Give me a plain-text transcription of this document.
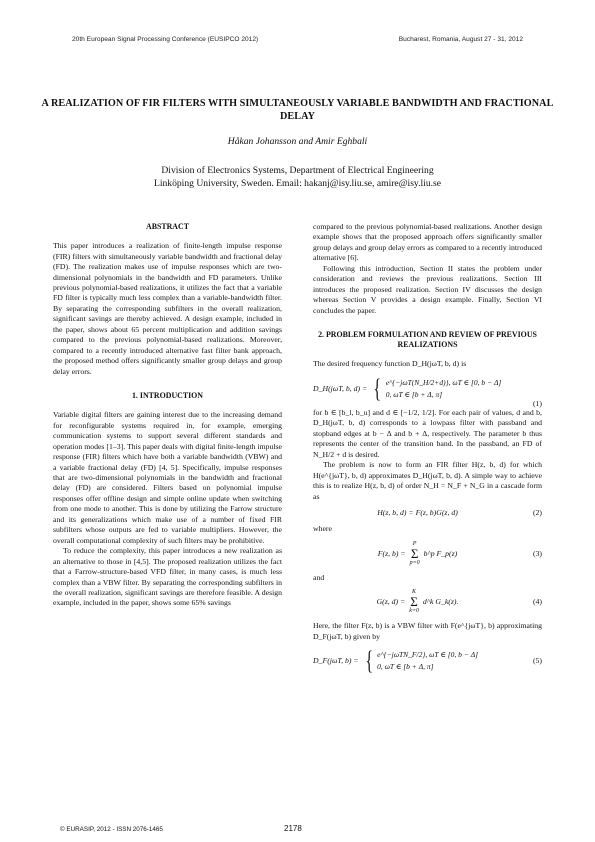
20th European Signal Processing Conference (EUSIPCO 2012)	Bucharest, Romania, August 27 - 31, 2012
A REALIZATION OF FIR FILTERS WITH SIMULTANEOUSLY VARIABLE BANDWIDTH AND FRACTIONAL DELAY
Håkan Johansson and Amir Eghbali
Division of Electronics Systems, Department of Electrical Engineering
Linköping University, Sweden. Email: hakanj@isy.liu.se, amire@isy.liu.se
ABSTRACT

This paper introduces a realization of finite-length impulse response (FIR) filters with simultaneously variable bandwidth and fractional delay (FD). The realization makes use of impulse responses which are two-dimensional polynomials in the bandwidth and FD parameters. Unlike previous polynomial-based realizations, it utilizes the fact that a variable FD filter is typically much less complex than a variable-bandwidth filter. By separating the corresponding subfilters in the overall realization, significant savings are thereby achieved. A design example, included in the paper, shows about 65 percent multiplication and addition savings compared to the previous polynomial-based realizations. Moreover, compared to a recently introduced alternative fast filter bank approach, the proposed method offers significantly smaller group delays and group delay errors.

1. INTRODUCTION

Variable digital filters are gaining interest due to the increasing demand for reconfigurable systems required in, for example, emerging communication systems to support several different standards and operation modes [1–3]. This paper deals with digital finite-length impulse response (FIR) filters which have both a variable bandwidth (VBW) and a variable fractional delay (FD) [4, 5]. Specifically, impulse responses that are two-dimensional polynomials in the bandwidth and fractional delay (FD) are considered. Filters based on polynomial impulse responses offer offline design and simple online update when switching from one mode to another. This is done by utilizing the Farrow structure and its generalizations which make use of a number of fixed FIR subfilters whose outputs are fed to variable multipliers. However, the overall computational complexity of such filters may be prohibitive.

To reduce the complexity, this paper introduces a new realization as an alternative to those in [4,5]. The proposed realization utilizes the fact that a Farrow-structure-based VFD filter, in many cases, is much less complex than a VBW filter. By separating the corresponding subfilters in the overall realization, significant savings are therefore feasible. A design example, included in the paper, shows some 65% savings

compared to the previous polynomial-based realizations. Another design example shows that the proposed approach offers significantly smaller group delays and group delay errors as compared to a recently introduced alternative [6].

Following this introduction, Section II states the problem under consideration and reviews the previous realizations. Section III introduces the proposed realization. Section IV discusses the design whereas Section V provides a design example. Finally, Section VI concludes the paper.

2. PROBLEM FORMULATION AND REVIEW OF PREVIOUS REALIZATIONS

The desired frequency function D_H(jωT, b, d) is

D_H(jωT, b, d) = { e^{−jωT(N_H/2+d)}, ωT ∈ [0, b − Δ]
0, ωT ∈ [b + Δ, π]
(1)

for b ∈ [b_l, b_u] and d ∈ [−1/2, 1/2]. For each pair of values, d and b, D_H(jωT, b, d) corresponds to a lowpass filter with passband and stopband edges at b − Δ and b + Δ, respectively. The parameter b thus represents the center of the transition band. In the passband, an FD of N_H/2 + d is desired.

The problem is now to form an FIR filter H(z, b, d) for which H(e^{jωT}, b, d) approximates D_H(jωT, b, d). A simple way to achieve this is to realize H(z, b, d) of order N_H = N_F + N_G in a cascade form as

H(z, b, d) = F(z, b)G(z, d)	(2)

where

F(z, b) =
P
Σ
p=0
b^p F_p(z)	(3)

and

G(z, d) =
K
Σ
k=0
d^k G_k(z).	(4)

Here, the filter F(z, b) is a VBW filter with F(e^{jωT}, b) approximating D_F(jωT, b) given by

D_F(jωT, b) = { e^{−jωTN_F/2}, ωT ∈ [0, b − Δ]
0, ωT ∈ [b + Δ, π]
(5)
© EURASIP, 2012 - ISSN 2076-1465	2178
